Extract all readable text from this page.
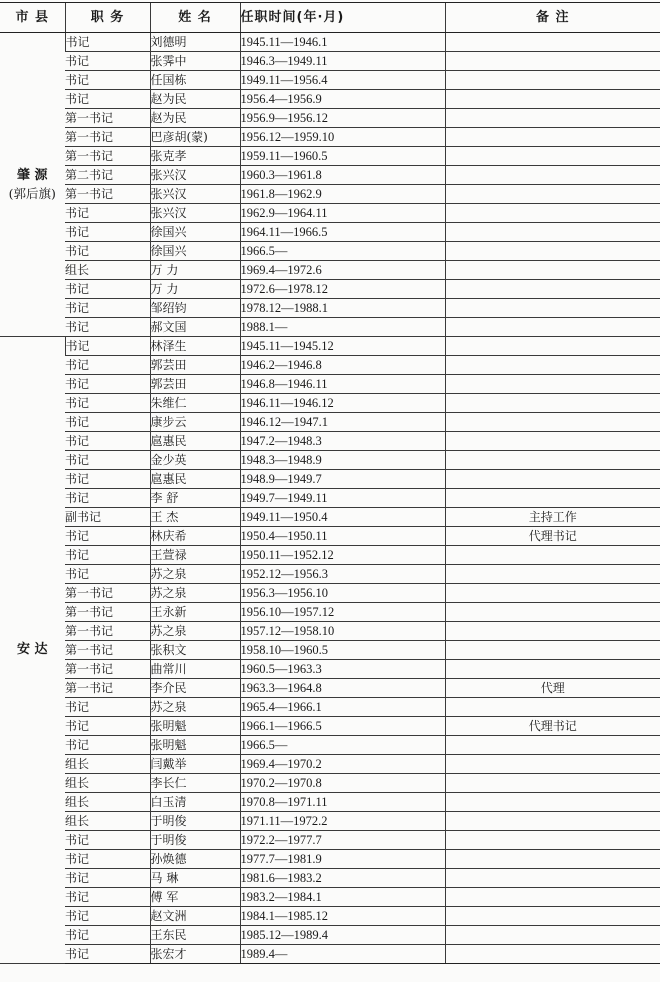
市 县	职 务	姓 名	任职时间(年·月)	备 注

肇 源
(郭后旗)	书记	刘德明	1945.11—1946.1	
	书记	张霁中	1946.3—1949.11	
	书记	任国栋	1949.11—1956.4	
	书记	赵为民	1956.4—1956.9	
	第一书记	赵为民	1956.9—1956.12	
	第一书记	巴彦胡(蒙)	1956.12—1959.10	
	第一书记	张克孝	1959.11—1960.5	
	第二书记	张兴汉	1960.3—1961.8	
	第一书记	张兴汉	1961.8—1962.9	
	书记	张兴汉	1962.9—1964.11	
	书记	徐国兴	1964.11—1966.5	
	书记	徐国兴	1966.5—	
	组长	万 力	1969.4—1972.6	
	书记	万 力	1972.6—1978.12	
	书记	邹绍钧	1978.12—1988.1	
	书记	郝文国	1988.1—	

安 达	书记	林泽生	1945.11—1945.12	
	书记	郭芸田	1946.2—1946.8	
	书记	郭芸田	1946.8—1946.11	
	书记	朱维仁	1946.11—1946.12	
	书记	康步云	1946.12—1947.1	
	书记	扈惠民	1947.2—1948.3	
	书记	金少英	1948.3—1948.9	
	书记	扈惠民	1948.9—1949.7	
	书记	李 舒	1949.7—1949.11	
	副书记	王 杰	1949.11—1950.4	主持工作
	书记	林庆希	1950.4—1950.11	代理书记
	书记	王萱禄	1950.11—1952.12	
	书记	苏之泉	1952.12—1956.3	
	第一书记	苏之泉	1956.3—1956.10	
	第一书记	王永新	1956.10—1957.12	
	第一书记	苏之泉	1957.12—1958.10	
	第一书记	张积文	1958.10—1960.5	
	第一书记	曲常川	1960.5—1963.3	
	第一书记	李介民	1963.3—1964.8	代理
	书记	苏之泉	1965.4—1966.1	
	书记	张明魁	1966.1—1966.5	代理书记
	书记	张明魁	1966.5—	
	组长	闫戴举	1969.4—1970.2	
	组长	李长仁	1970.2—1970.8	
	组长	白玉清	1970.8—1971.11	
	组长	于明俊	1971.11—1972.2	
	书记	于明俊	1972.2—1977.7	
	书记	孙焕德	1977.7—1981.9	
	书记	马 琳	1981.6—1983.2	
	书记	傅 军	1983.2—1984.1	
	书记	赵文洲	1984.1—1985.12	
	书记	王东民	1985.12—1989.4	
	书记	张宏才	1989.4—	
